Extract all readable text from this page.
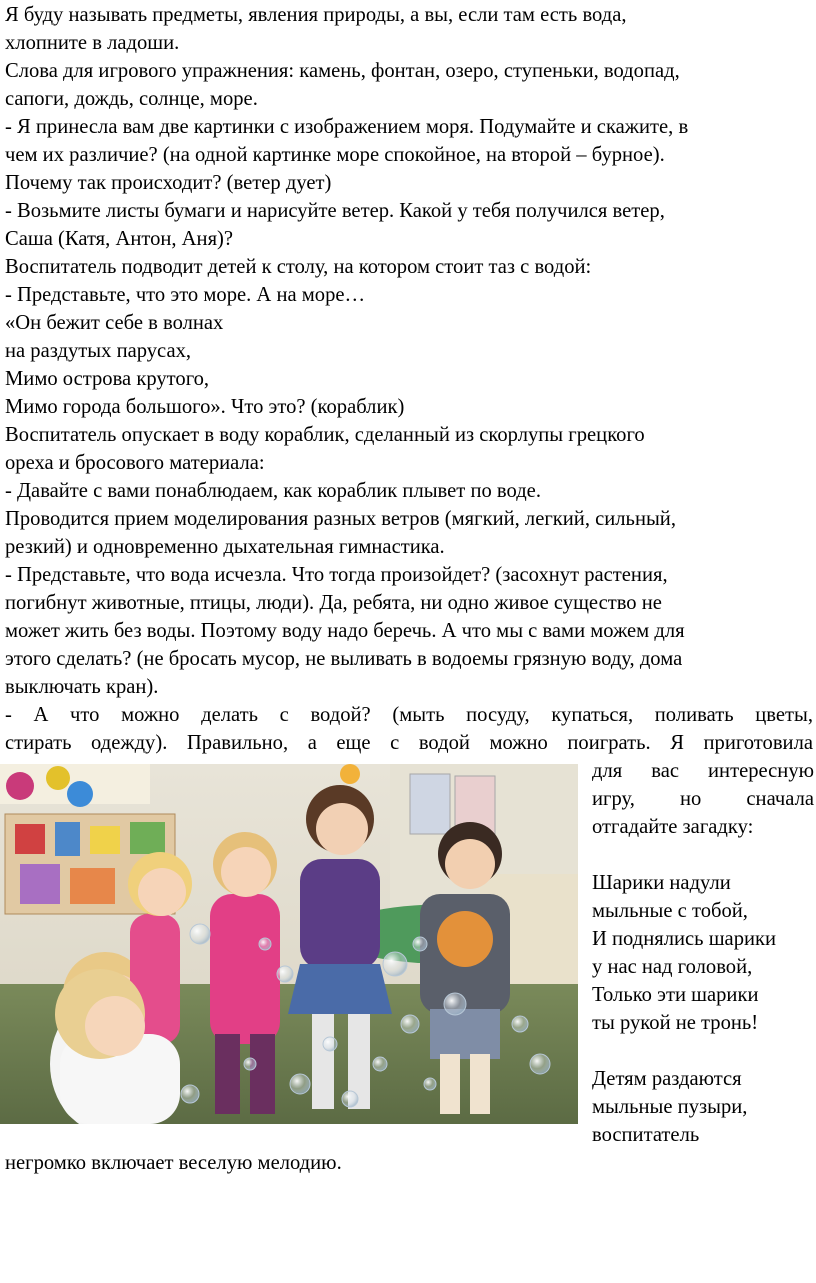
Я буду называть предметы, явления природы, а вы, если там есть вода,
хлопните в ладоши.
Слова для игрового упражнения: камень, фонтан, озеро, ступеньки, водопад,
сапоги, дождь, солнце, море.
- Я принесла вам две картинки с изображением моря. Подумайте и скажите, в
чем их различие? (на одной картинке море спокойное, на второй – бурное).
Почему так происходит? (ветер дует)
- Возьмите листы бумаги и нарисуйте ветер. Какой у тебя получился ветер,
Саша (Катя, Антон, Аня)?
Воспитатель подводит детей к столу, на котором стоит таз с водой:
- Представьте, что это море. А на море…
«Он бежит себе в волнах
на раздутых парусах,
Мимо острова крутого,
Мимо города большого». Что это? (кораблик)
Воспитатель опускает в воду кораблик, сделанный из скорлупы грецкого
ореха и бросового материала:
- Давайте с вами понаблюдаем, как кораблик плывет по воде.
Проводится прием моделирования разных ветров (мягкий, легкий, сильный,
резкий) и одновременно дыхательная гимнастика.
- Представьте, что вода исчезла. Что тогда произойдет? (засохнут растения,
погибнут животные, птицы, люди). Да, ребята, ни одно живое существо не
может жить без воды. Поэтому воду надо беречь. А что мы с вами можем для
этого сделать? (не бросать мусор, не выливать в водоемы грязную воду, дома
выключать кран).
- А что можно делать с водой? (мыть посуду, купаться, поливать цветы,
стирать одежду). Правильно, а еще с водой можно поиграть. Я приготовила
для вас интересную
игру, но сначала
отгадайте загадку:
Шарики надули
мыльные с тобой,
И поднялись шарики
у нас над головой,
Только эти шарики
ты рукой не тронь!
Детям раздаются
мыльные пузыри,
воспитатель
негромко включает веселую мелодию.
